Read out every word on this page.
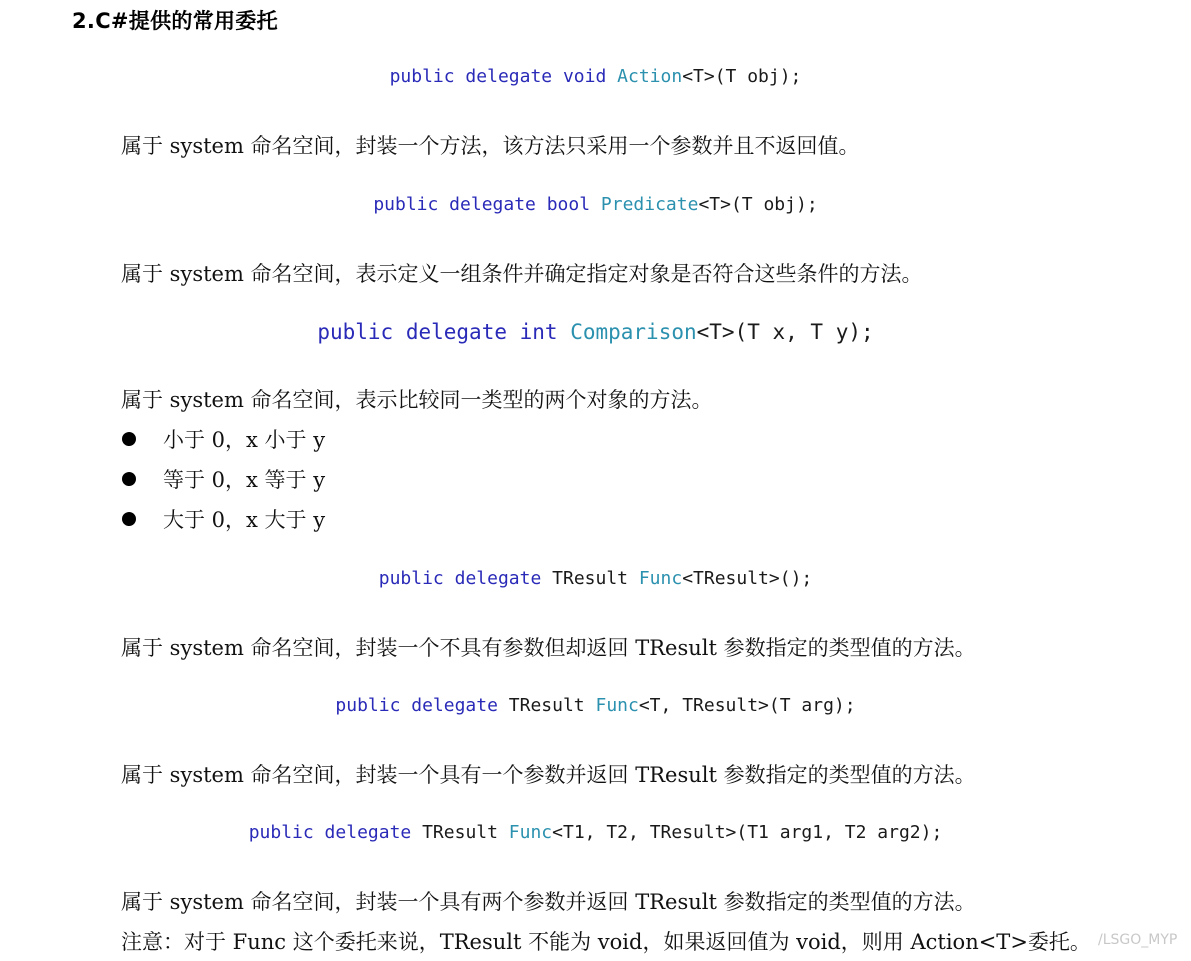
2.C#提供的常用委托
public delegate void Action<T>(T obj);
属于 system 命名空间，封装一个方法，该方法只采用一个参数并且不返回值。
public delegate bool Predicate<T>(T obj);
属于 system 命名空间，表示定义一组条件并确定指定对象是否符合这些条件的方法。
public delegate int Comparison<T>(T x, T y);
属于 system 命名空间，表示比较同一类型的两个对象的方法。
小于 0，x 小于 y
等于 0，x 等于 y
大于 0，x 大于 y
public delegate TResult Func<TResult>();
属于 system 命名空间，封装一个不具有参数但却返回 TResult 参数指定的类型值的方法。
public delegate TResult Func<T, TResult>(T arg);
属于 system 命名空间，封装一个具有一个参数并返回 TResult 参数指定的类型值的方法。
public delegate TResult Func<T1, T2, TResult>(T1 arg1, T2 arg2);
属于 system 命名空间，封装一个具有两个参数并返回 TResult 参数指定的类型值的方法。
注意：对于 Func 这个委托来说，TResult 不能为 void，如果返回值为 void，则用 Action<T>委托。 /LSGO_MYP
